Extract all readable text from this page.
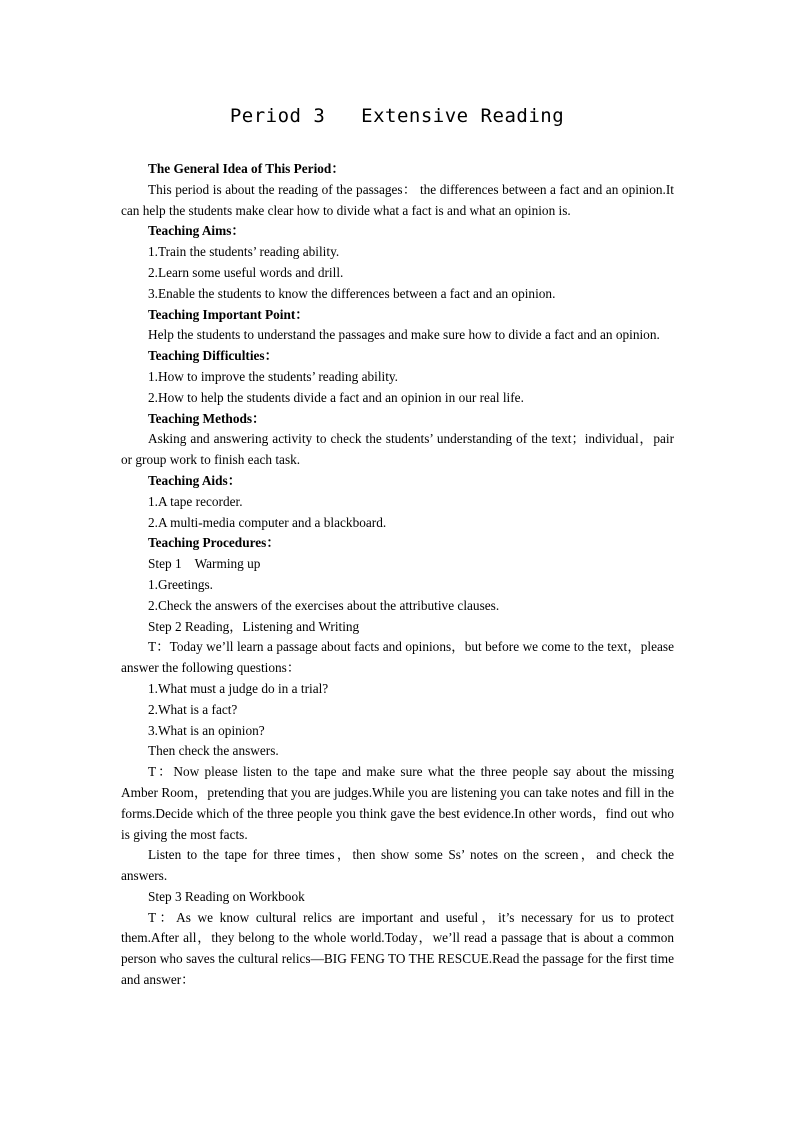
Period 3   Extensive Reading

The General Idea of This Period：

This period is about the reading of the passages： the differences between a fact and an opinion.It can help the students make clear how to divide what a fact is and what an opinion is.

Teaching Aims：

1.Train the students’ reading ability.

2.Learn some useful words and drill.

3.Enable the students to know the differences between a fact and an opinion.

Teaching Important Point：

Help the students to understand the passages and make sure how to divide a fact and an opinion.

Teaching Difficulties：

1.How to improve the students’ reading ability.

2.How to help the students divide a fact and an opinion in our real life.

Teaching Methods：

Asking and answering activity to check the students’ understanding of the text；individual，pair or group work to finish each task.

Teaching Aids：

1.A tape recorder.

2.A multi-media computer and a blackboard.

Teaching Procedures：

Step 1    Warming up

1.Greetings.

2.Check the answers of the exercises about the attributive clauses.

Step 2 Reading，Listening and Writing

T：Today we’ll learn a passage about facts and opinions，but before we come to the text，please answer the following questions：

1.What must a judge do in a trial?

2.What is a fact?

3.What is an opinion?

Then check the answers.

T：Now please listen to the tape and make sure what the three people say about the missing Amber Room，pretending that you are judges.While you are listening you can take notes and fill in the forms.Decide which of the three people you think gave the best evidence.In other words，find out who is giving the most facts.

Listen to the tape for three times，then show some Ss’ notes on the screen，and check the answers.

Step 3 Reading on Workbook

T：As we know cultural relics are important and useful，it’s necessary for us to protect them.After all，they belong to the whole world.Today，we’ll read a passage that is about a common person who saves the cultural relics—BIG FENG TO THE RESCUE.Read the passage for the first time and answer：
